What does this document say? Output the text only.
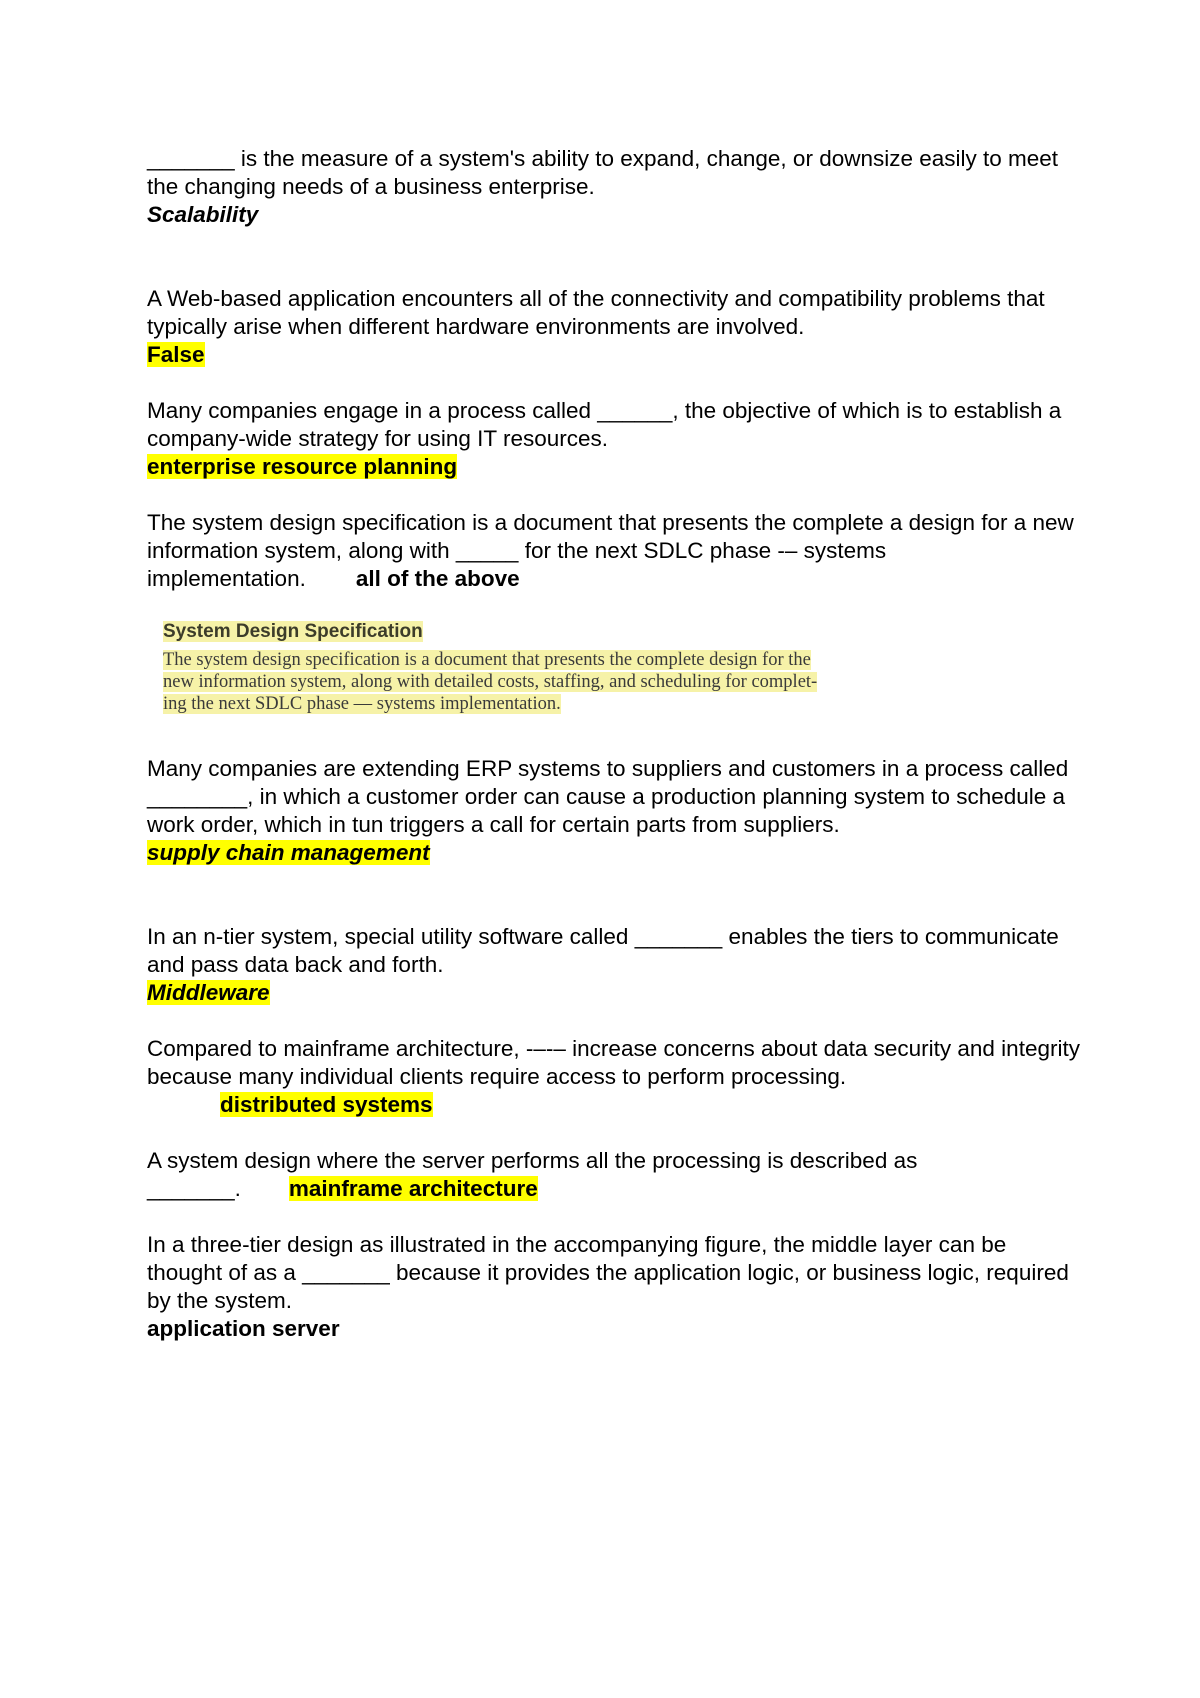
_______ is the measure of a system's ability to expand, change, or downsize easily to meet the changing needs of a business enterprise.

Scalability

A Web-based application encounters all of the connectivity and compatibility problems that typically arise when different hardware environments are involved.

False

Many companies engage in a process called ______, the objective of which is to establish a company-wide strategy for using IT resources.

enterprise resource planning

The system design specification is a document that presents the complete a design for a new information system, along with _____ for the next SDLC phase -– systems implementation. all of the above

System Design Specification

The system design specification is a document that presents the complete design for the
new information system, along with detailed costs, staffing, and scheduling for complet-
ing the next SDLC phase — systems implementation.

Many companies are extending ERP systems to suppliers and customers in a process called ________, in which a customer order can cause a production planning system to schedule a work order, which in tun triggers a call for certain parts from suppliers.

supply chain management

In an n-tier system, special utility software called _______ enables the tiers to communicate and pass data back and forth.

Middleware

Compared to mainframe architecture, -–-– increase concerns about data security and integrity because many individual clients require access to perform processing.

distributed systems

A system design where the server performs all the processing is described as _______. mainframe architecture

In a three-tier design as illustrated in the accompanying figure, the middle layer can be thought of as a _______ because it provides the application logic, or business logic, required by the system.

application server
